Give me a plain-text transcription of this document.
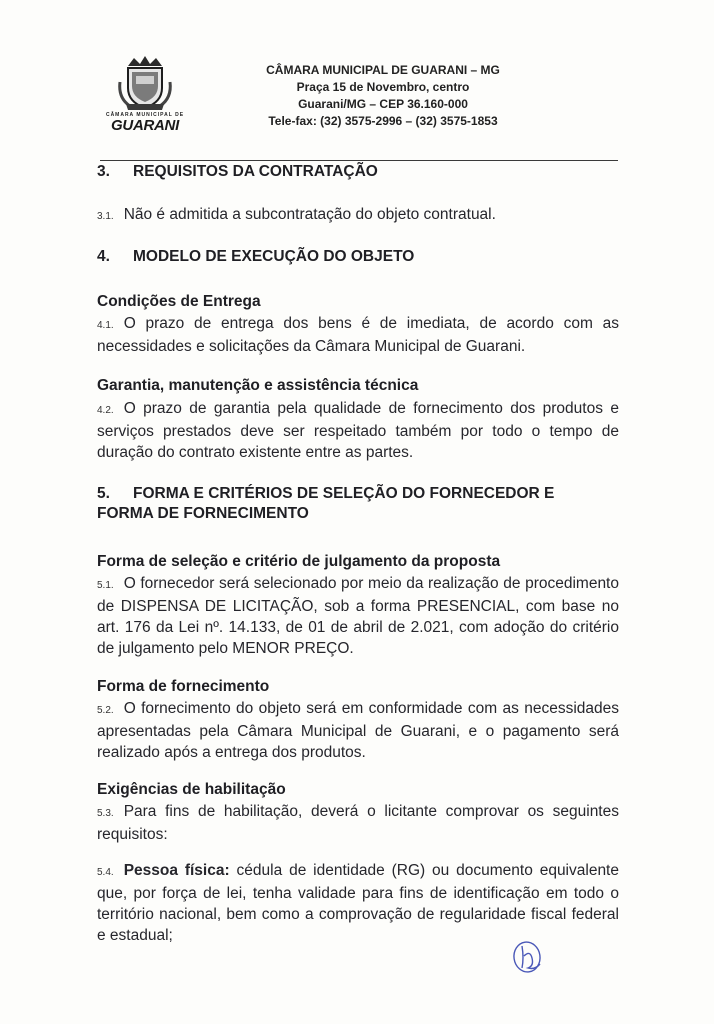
CÂMARA MUNICIPAL DE
GUARANI
CÂMARA MUNICIPAL DE GUARANI – MG
Praça 15 de Novembro, centro
Guarani/MG – CEP 36.160-000
Tele-fax: (32) 3575-2996 – (32) 3575-1853
3. REQUISITOS DA CONTRATAÇÃO
3.1. Não é admitida a subcontratação do objeto contratual.
4. MODELO DE EXECUÇÃO DO OBJETO
Condições de Entrega
4.1. O prazo de entrega dos bens é de imediata, de acordo com as necessidades e solicitações da Câmara Municipal de Guarani.
Garantia, manutenção e assistência técnica
4.2. O prazo de garantia pela qualidade de fornecimento dos produtos e serviços prestados deve ser respeitado também por todo o tempo de duração do contrato existente entre as partes.
5. FORMA E CRITÉRIOS DE SELEÇÃO DO FORNECEDOR E
FORMA DE FORNECIMENTO
Forma de seleção e critério de julgamento da proposta
5.1. O fornecedor será selecionado por meio da realização de procedimento de DISPENSA DE LICITAÇÃO, sob a forma PRESENCIAL, com base no art. 176 da Lei nº. 14.133, de 01 de abril de 2.021, com adoção do critério de julgamento pelo MENOR PREÇO.
Forma de fornecimento
5.2. O fornecimento do objeto será em conformidade com as necessidades apresentadas pela Câmara Municipal de Guarani, e o pagamento será realizado após a entrega dos produtos.
Exigências de habilitação
5.3. Para fins de habilitação, deverá o licitante comprovar os seguintes requisitos:
5.4. Pessoa física: cédula de identidade (RG) ou documento equivalente que, por força de lei, tenha validade para fins de identificação em todo o território nacional, bem como a comprovação de regularidade fiscal federal e estadual;
